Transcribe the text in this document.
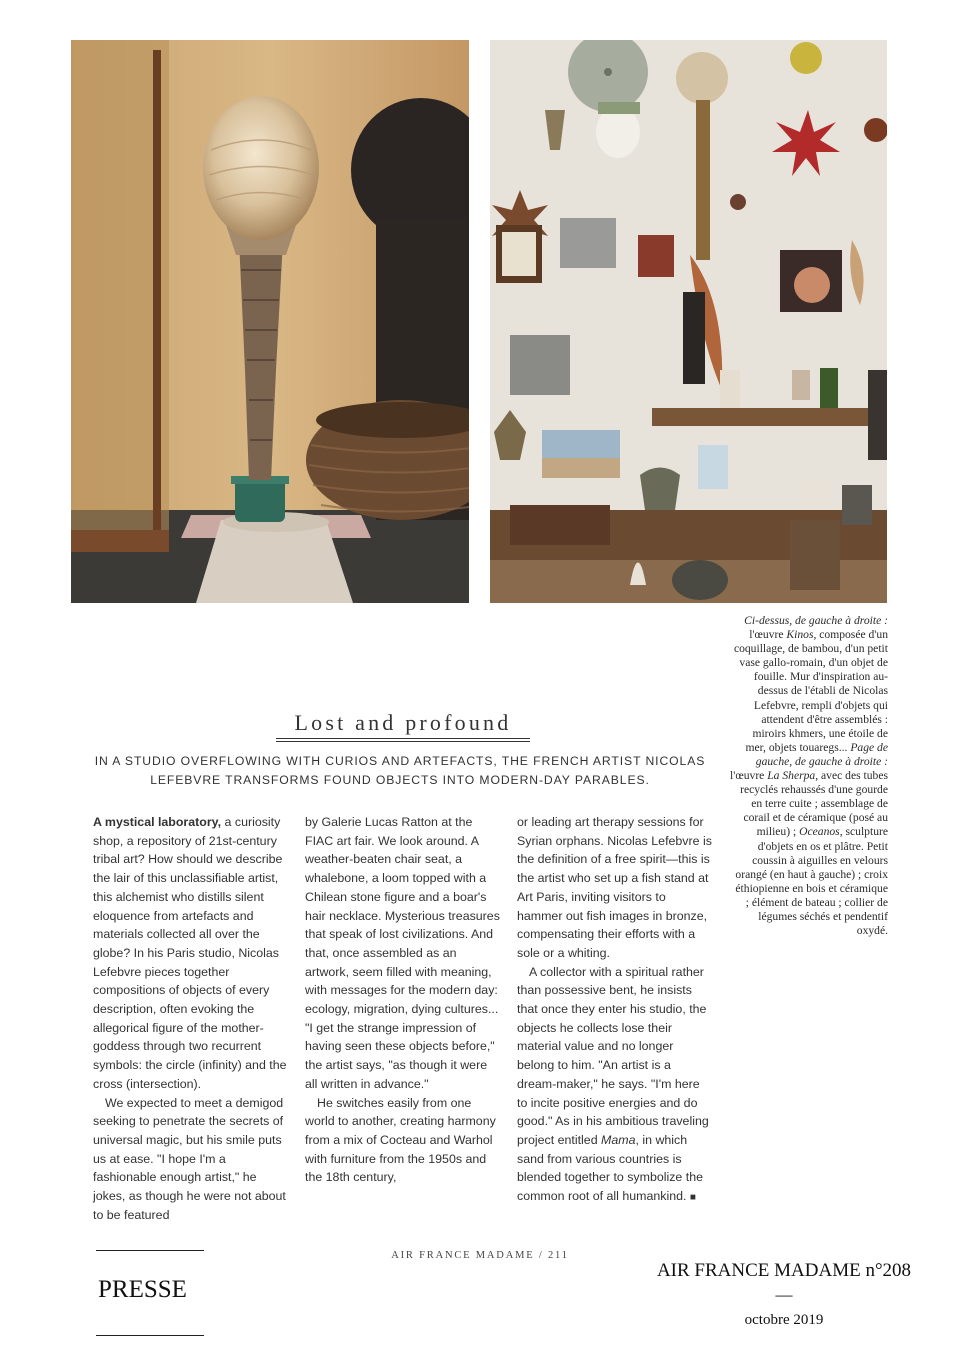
Ci-dessus, de gauche à droite : l'œuvre Kinos, composée d'un coquillage, de bambou, d'un petit vase gallo-romain, d'un objet de fouille. Mur d'inspiration au-dessus de l'établi de Nicolas Lefebvre, rempli d'objets qui attendent d'être assemblés : miroirs khmers, une étoile de mer, objets touaregs... Page de gauche, de gauche à droite : l'œuvre La Sherpa, avec des tubes recyclés rehaussés d'une gourde en terre cuite ; assemblage de corail et de céramique (posé au milieu) ; Oceanos, sculpture d'objets en os et plâtre. Petit coussin à aiguilles en velours orangé (en haut à gauche) ; croix éthiopienne en bois et céramique ; élément de bateau ; collier de légumes séchés et pendentif oxydé.

Lost and profound
IN A STUDIO OVERFLOWING WITH CURIOS AND ARTEFACTS, THE FRENCH ARTIST NICOLAS LEFEBVRE TRANSFORMS FOUND OBJECTS INTO MODERN-DAY PARABLES.

A mystical laboratory, a curiosity shop, a repository of 21st-century tribal art? How should we describe the lair of this unclassifiable artist, this alchemist who distills silent eloquence from artefacts and materials collected all over the globe? In his Paris studio, Nicolas Lefebvre pieces together compositions of objects of every description, often evoking the allegorical figure of the mother-goddess through two recurrent symbols: the circle (infinity) and the cross (intersection).

We expected to meet a demigod seeking to penetrate the secrets of universal magic, but his smile puts us at ease. "I hope I'm a fashionable enough artist," he jokes, as though he were not about to be featured

by Galerie Lucas Ratton at the FIAC art fair. We look around. A weather-beaten chair seat, a whalebone, a loom topped with a Chilean stone figure and a boar's hair necklace. Mysterious treasures that speak of lost civilizations. And that, once assembled as an artwork, seem filled with meaning, with messages for the modern day: ecology, migration, dying cultures... "I get the strange impression of having seen these objects before," the artist says, "as though it were all written in advance."

He switches easily from one world to another, creating harmony from a mix of Cocteau and Warhol with furniture from the 1950s and the 18th century,

or leading art therapy sessions for Syrian orphans. Nicolas Lefebvre is the definition of a free spirit—this is the artist who set up a fish stand at Art Paris, inviting visitors to hammer out fish images in bronze, compensating their efforts with a sole or a whiting.

A collector with a spiritual rather than possessive bent, he insists that once they enter his studio, the objects he collects lose their material value and no longer belong to him. "An artist is a dream-maker," he says. "I'm here to incite positive energies and do good." As in his ambitious traveling project entitled Mama, in which sand from various countries is blended together to symbolize the common root of all humankind. ■

AIR FRANCE MADAME / 211
PRESSE
AIR FRANCE MADAME n°208
—
octobre 2019
